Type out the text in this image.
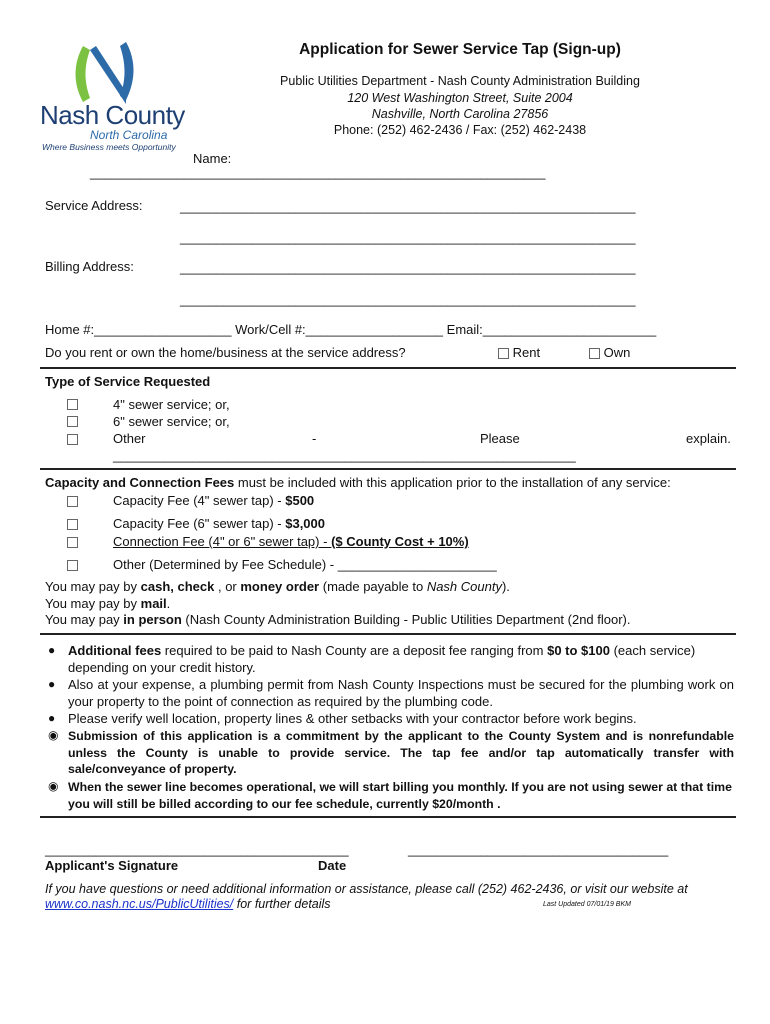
Nash County
North Carolina
Where Business meets Opportunity
Application for Sewer Service Tap (Sign-up)
Public Utilities Department - Nash County Administration Building
120 West Washington Street, Suite 2004
Nashville, North Carolina 27856
Phone: (252) 462-2436 / Fax: (252) 462-2438
Name:
_______________________________________________________________
Service Address:	_______________________________________________________________
_______________________________________________________________
Billing Address:	_______________________________________________________________
_______________________________________________________________
Home #:___________________ Work/Cell #:___________________ Email:________________________
Do you rent or own the home/business at the service address?	Rent	Own
Type of Service Requested
4" sewer service; or,
6" sewer service; or,
Other	-	Please	explain.
________________________________________________________________
Capacity and Connection Fees must be included with this application prior to the installation of any service:
Capacity Fee (4" sewer tap) - $500
Capacity Fee (6" sewer tap) - $3,000
Connection Fee (4" or 6" sewer tap) - ($ County Cost + 10%)
Other (Determined by Fee Schedule) - ______________________
You may pay by cash, check , or money order (made payable to Nash County).
You may pay by mail.
You may pay in person (Nash County Administration Building - Public Utilities Department (2nd floor).
● Additional fees required to be paid to Nash County are a deposit fee ranging from $0 to $100 (each service) depending on your credit history.
● Also at your expense, a plumbing permit from Nash County Inspections must be secured for the plumbing work on your property to the point of connection as required by the plumbing code.
● Please verify well location, property lines & other setbacks with your contractor before work begins.
◉ Submission of this application is a commitment by the applicant to the County System and is nonrefundable unless the County is unable to provide service. The tap fee and/or tap automatically transfer with sale/conveyance of property.
◉ When the sewer line becomes operational, we will start billing you monthly. If you are not using sewer at that time you will still be billed according to our fee schedule, currently $20/month .
__________________________________________	____________________________________
Applicant's Signature	Date
If you have questions or need additional information or assistance, please call (252) 462-2436, or visit our website at
www.co.nash.nc.us/PublicUtilities/ for further details	Last Updated 07/01/19 BKM
